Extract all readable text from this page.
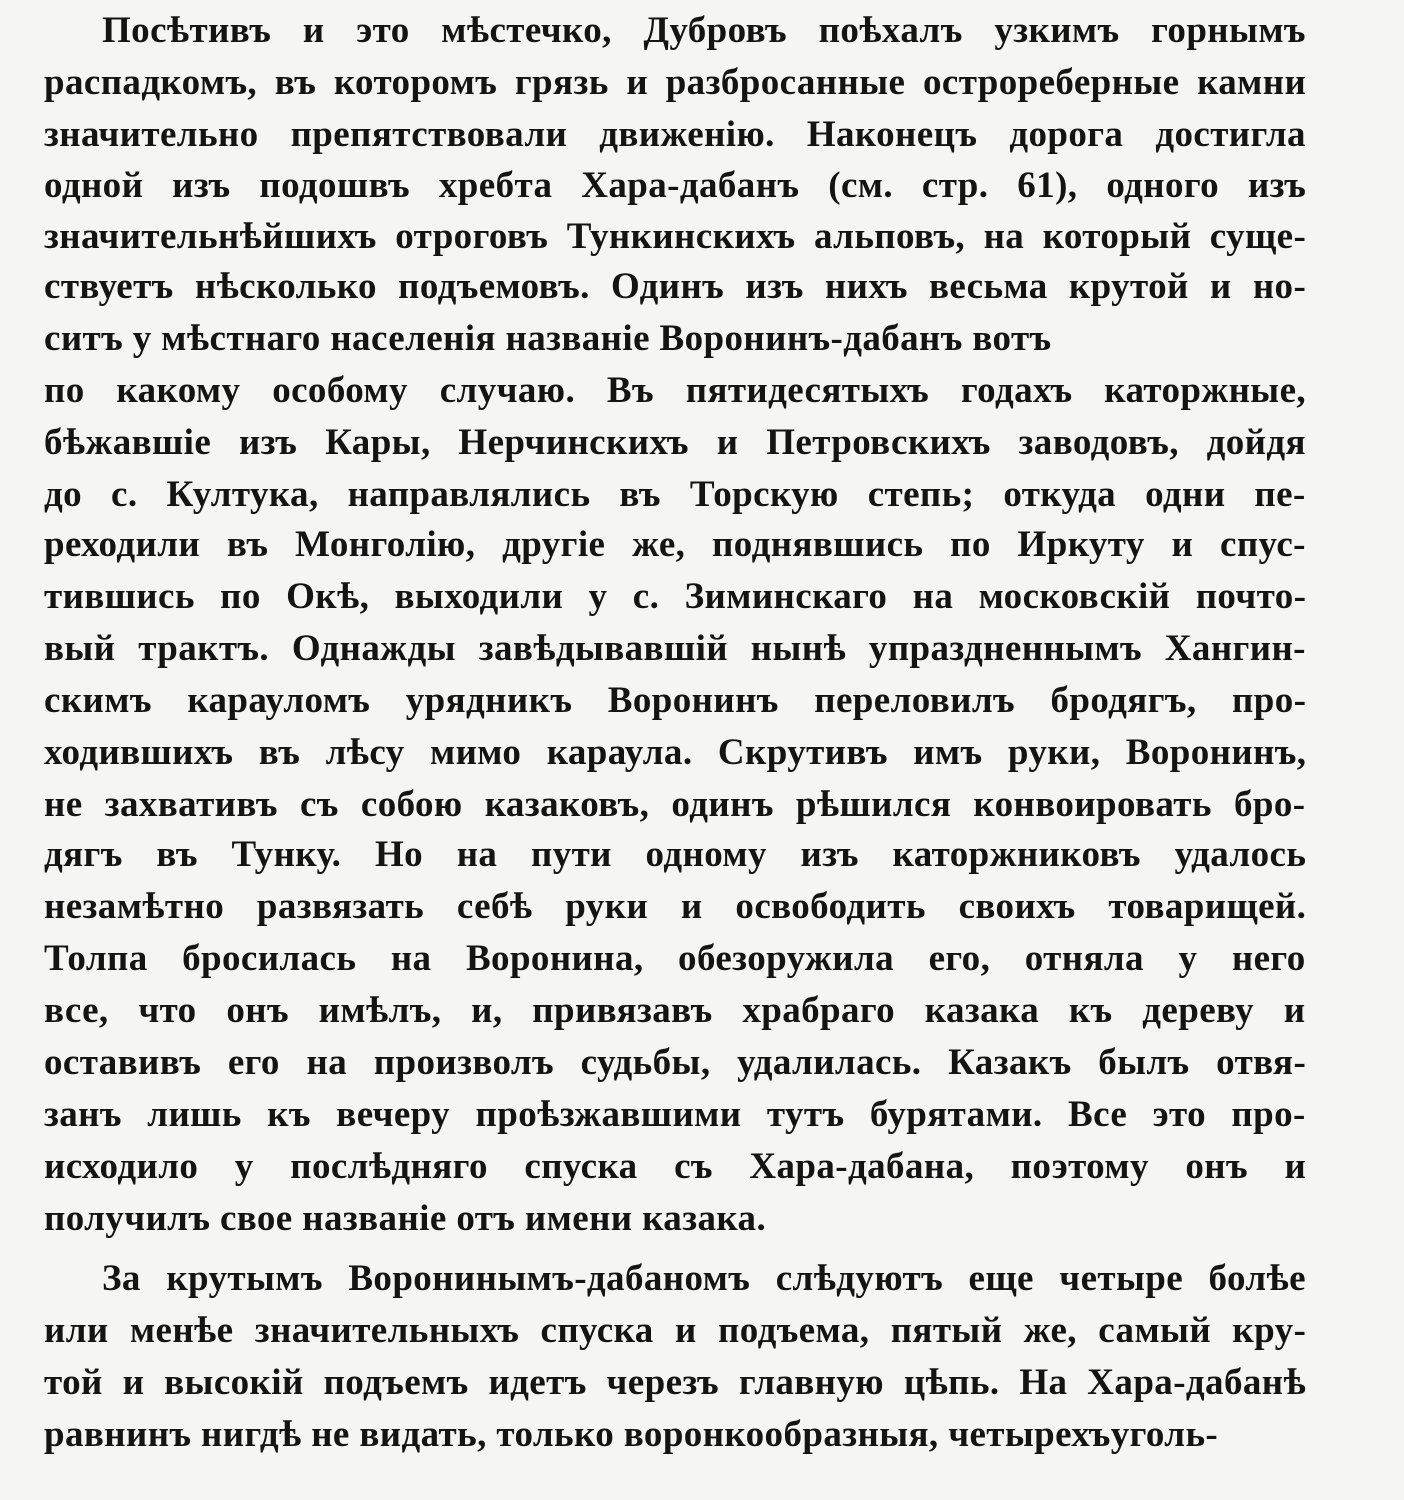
Посѣтивъ и это мѣстечко, Дубровъ поѣхалъ узкимъ горнымъ
распадкомъ, въ которомъ грязь и разбросанные острореберные камни
значительно препятствовали движенію. Наконецъ дорога достигла
одной изъ подошвъ хребта Хара-дабанъ (см. стр. 61), одного изъ
значительнѣйшихъ отроговъ Тункинскихъ альповъ, на который суще-
ствуетъ нѣсколько подъемовъ. Одинъ изъ нихъ весьма крутой и но-
ситъ у мѣстнаго населенія названіе Воронинъ-дабанъ вотъ
по какому особому случаю. Въ пятидесятыхъ годахъ каторжные,
бѣжавшіе изъ Кары, Нерчинскихъ и Петровскихъ заводовъ, дойдя
до с. Култука, направлялись въ Торскую степь; откуда одни пе-
реходили въ Монголію, другіе же, поднявшись по Иркуту и спус-
тившись по Окѣ, выходили у с. Зиминскаго на московскій почто-
вый трактъ. Однажды завѣдывавшій нынѣ упраздненнымъ Хангин-
скимъ карауломъ урядникъ Воронинъ переловилъ бродягъ, про-
ходившихъ въ лѣсу мимо караула. Скрутивъ имъ руки, Воронинъ,
не захвативъ съ собою казаковъ, одинъ рѣшился конвоировать бро-
дягъ въ Тунку. Но на пути одному изъ каторжниковъ удалось
незамѣтно развязать себѣ руки и освободить своихъ товарищей.
Толпа бросилась на Воронина, обезоружила его, отняла у него
все, что онъ имѣлъ, и, привязавъ храбраго казака къ дереву и
оставивъ его на произволъ судьбы, удалилась. Казакъ былъ отвя-
занъ лишь къ вечеру проѣзжавшими тутъ бурятами. Все это про-
исходило у послѣдняго спуска съ Хара-дабана, поэтому онъ и
получилъ свое названіе отъ имени казака.
За крутымъ Воронинымъ-дабаномъ слѣдуютъ еще четыре болѣе
или менѣе значительныхъ спуска и подъема, пятый же, самый кру-
той и высокій подъемъ идетъ черезъ главную цѣпь. На Хара-дабанѣ
равнинъ нигдѣ не видать, только воронкообразныя, четырехъуголь-
